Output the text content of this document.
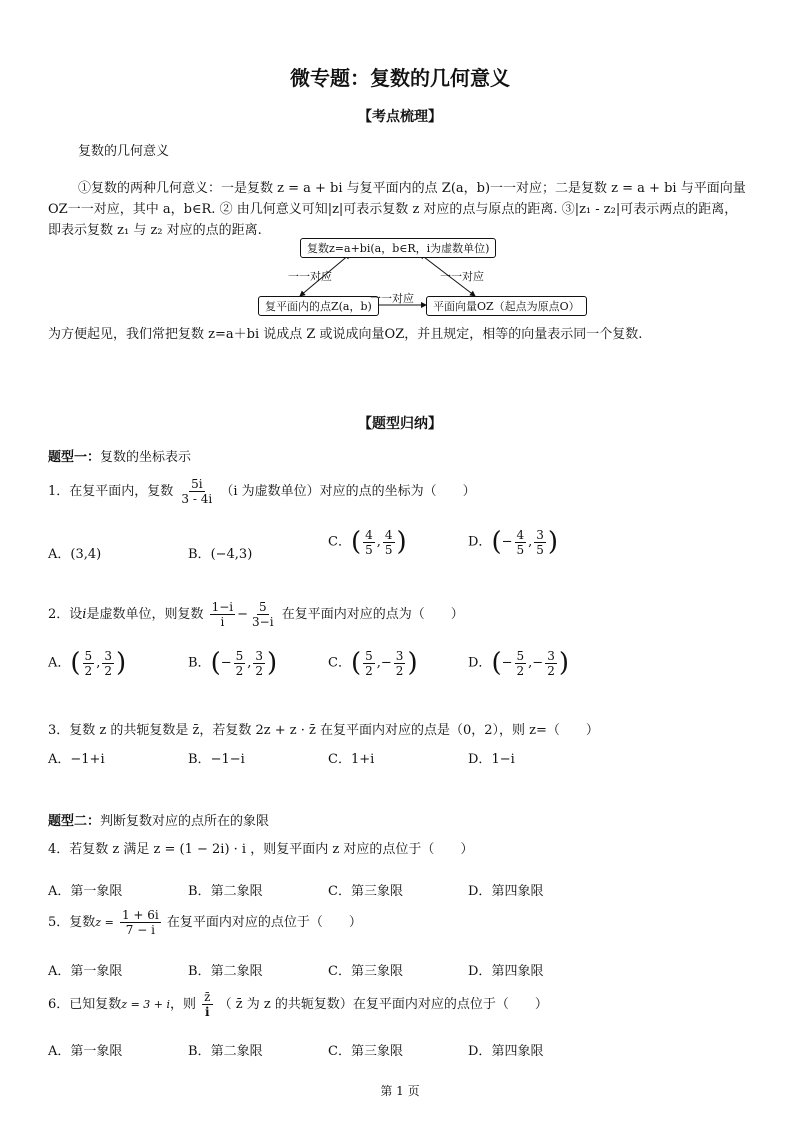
微专题：复数的几何意义
【考点梳理】
复数的几何意义
①复数的两种几何意义：一是复数 z = a + bi 与复平面内的点 Z(a，b)一一对应；二是复数 z = a + bi 与平面向量
OZ一一对应，其中 a，b∈R. ② 由几何意义可知|z|可表示复数 z 对应的点与原点的距离. ③|z₁ - z₂|可表示两点的距离，
即表示复数 z₁ 与 z₂ 对应的点的距离.
复数z=a+bi(a，b∈R，i为虚数单位)
复平面内的点Z(a，b)	平面向量OZ（起点为原点O）
一一对应	一一对应
一一对应
为方便起见，我们常把复数 z=a＋bi 说成点 Z 或说成向量OZ，并且规定，相等的向量表示同一个复数.
【题型归纳】
题型一：复数的坐标表示
1．在复平面内，复数 $\frac{5i}{3 - 4i} (i$ 为虚数单位）对应的点的坐标为（　　）
A．(3,4)	B．(−4,3)
C．( $\frac{4}{5}$ , $\frac{4}{5}$ )	D．(− $\frac{4}{5}$ , $\frac{3}{5}$ )
2．设i是虚数单位，则复数 $\frac{1-i}{i} - \frac{5}{3-i}$ 在复平面内对应的点为（　　）
A．( $\frac{5}{2}$ , $\frac{3}{2}$ )	B．(− $\frac{5}{2}$ , $\frac{3}{2}$ )	C．( $\frac{5}{2}$ ,− $\frac{3}{2}$ )	D．(− $\frac{5}{2}$ ,− $\frac{3}{2}$ )
3．复数 z 的共轭复数是 z̄，若复数 2z + z · z̄ 在复平面内对应的点是（0，2），则 z=（　　）
A．−1+i	B．−1−i	C．1+i	D．1−i
题型二：判断复数对应的点所在的象限
4．若复数 z 满足 z = (1 − 2i) · i ，则复平面内 z 对应的点位于（　　）
A．第一象限	B．第二象限	C．第三象限	D．第四象限
5．复数$z = \frac{1 + 6i}{7 - i}$ 在复平面内对应的点位于（　　）
A．第一象限	B．第二象限	C．第三象限	D．第四象限
6．已知复数z = 3 + i，则 $\frac{z̄}{i}$ （ z̄ 为 z 的共轭复数）在复平面内对应的点位于（　　）
A．第一象限	B．第二象限	C．第三象限	D．第四象限
第 1 页
